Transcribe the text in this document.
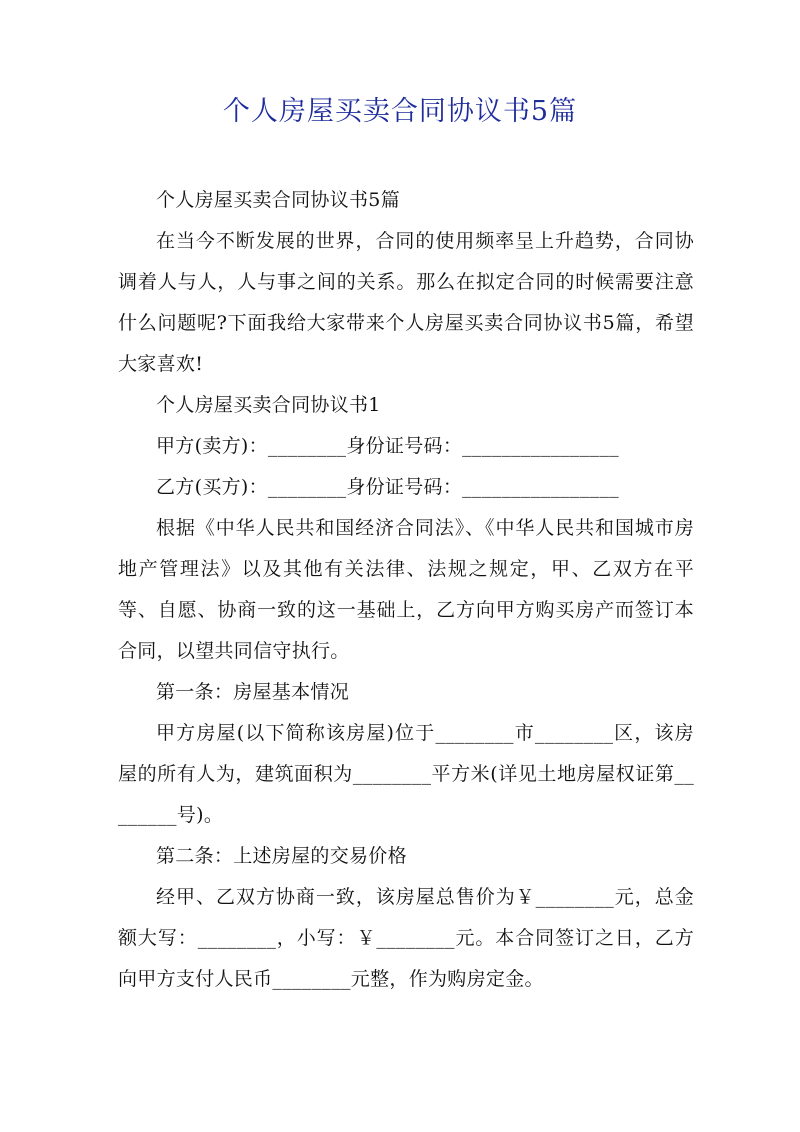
个人房屋买卖合同协议书5篇

个人房屋买卖合同协议书5篇

在当今不断发展的世界，合同的使用频率呈上升趋势，合同协调着人与人，人与事之间的关系。那么在拟定合同的时候需要注意什么问题呢?下面我给大家带来个人房屋买卖合同协议书5篇，希望大家喜欢!

个人房屋买卖合同协议书1

甲方(卖方)：________身份证号码：________________

乙方(买方)：________身份证号码：________________

根据《中华人民共和国经济合同法》、《中华人民共和国城市房地产管理法》以及其他有关法律、法规之规定，甲、乙双方在平等、自愿、协商一致的这一基础上，乙方向甲方购买房产而签订本合同，以望共同信守执行。

第一条：房屋基本情况

甲方房屋(以下简称该房屋)位于________市________区，该房屋的所有人为，建筑面积为________平方米(详见土地房屋权证第________号)。

第二条：上述房屋的交易价格

经甲、乙双方协商一致，该房屋总售价为￥________元，总金额大写：________，小写：￥________元。本合同签订之日，乙方向甲方支付人民币________元整，作为购房定金。
